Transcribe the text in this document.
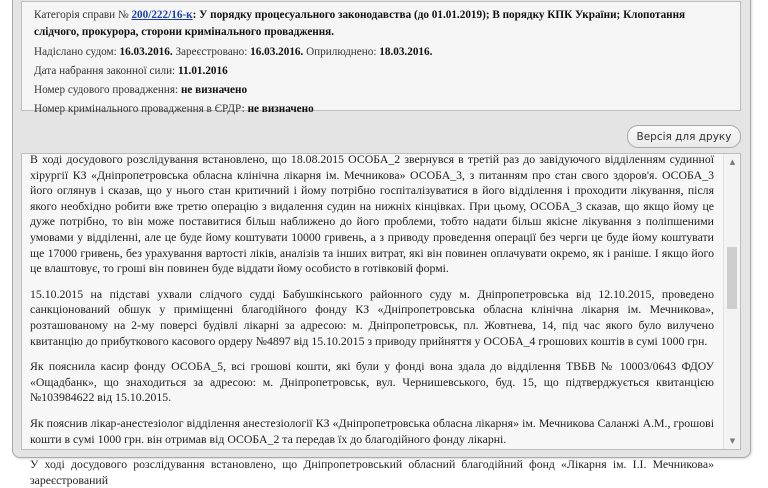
Категорія справи № 200/222/16-к: У порядку процесуального законодавства (до 01.01.2019); В порядку КПК України; Клопотання слідчого, прокурора, сторони кримінального провадження.
Надіслано судом: 16.03.2016. Зареєстровано: 16.03.2016. Оприлюднено: 18.03.2016.
Дата набрання законної сили: 11.01.2016
Номер судового провадження: не визначено
Номер кримінального провадження в ЄРДР: не визначено
Версія для друку

В ході досудового розслідування встановлено, що 18.08.2015 ОСОБА_2 звернувся в третій раз до завідуючого відділенням судинної хірургії КЗ «Дніпропетровська обласна клінічна лікарня ім. Мечникова» ОСОБА_3, з питанням про стан свого здоров'я. ОСОБА_3 його оглянув і сказав, що у нього стан критичний і йому потрібно госпіталізуватися в його відділення і проходити лікування, після якого необхідно робити вже третю операцію з видалення судин на нижніх кінцівках. При цьому, ОСОБА_3 сказав, що якщо йому це дуже потрібно, то він може поставитися більш наближено до його проблеми, тобто надати більш якісне лікування з поліпшеними умовами у відділенні, але це буде йому коштувати 10000 гривень, а з приводу проведення операції без черги це буде йому коштувати ще 17000 гривень, без урахування вартості ліків, аналізів та інших витрат, які він повинен оплачувати окремо, як і раніше. І якщо його це влаштовує, то гроші він повинен буде віддати йому особисто в готівковій формі.

15.10.2015 на підставі ухвали слідчого судді Бабушкінського районного суду м. Дніпропетровська від 12.10.2015, проведено санкціонований обшук у приміщенні благодійного фонду КЗ «Дніпропетровська обласна клінічна лікарня ім. Мечникова», розташованому на 2-му поверсі будівлі лікарні за адресою: м. Дніпропетровськ, пл. Жовтнева, 14, під час якого було вилучено квитанцію до прибуткового касового ордеру №4897 від 15.10.2015 з приводу прийняття у ОСОБА_4 грошових коштів в сумі 1000 грн.

Як пояснила касир фонду ОСОБА_5, всі грошові кошти, які були у фонді вона здала до відділення ТВБВ № 10003/0643 ФДОУ «Ощадбанк», що знаходиться за адресою: м. Дніпропетровськ, вул. Чернишевського, буд. 15, що підтверджується квитанцією №103984622 від 15.10.2015.

Як пояснив лікар-анестезіолог відділення анестезіології КЗ «Дніпропетровська обласна лікарня» ім. Мечникова Саланжі А.М., грошові кошти в сумі 1000 грн. він отримав від ОСОБА_2 та передав їх до благодійного фонду лікарні.

У ході досудового розслідування встановлено, що Дніпропетровський обласний благодійний фонд «Лікарня ім. І.І. Мечникова» зареєстрований

▲
▼
